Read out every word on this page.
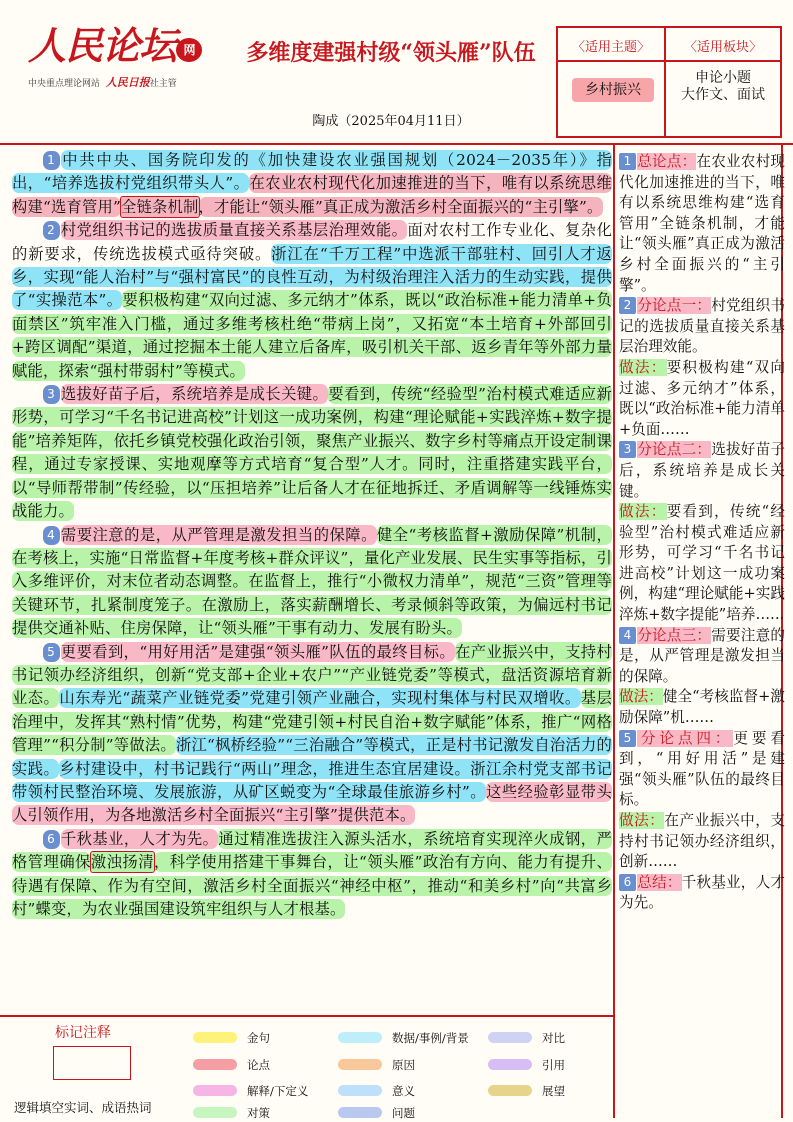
人民论坛 网
中央重点理论网站 人民日报社主管
多维度建强村级“领头雁”队伍
陶成（2025年04月11日）
〈适用主题〉	〈适用板块〉
乡村振兴
申论小题
大作文、面试

1 中共中央、国务院印发的《加快建设农业强国规划（2024－2035年）》指出，“培养选拔村党组织带头人”。在农业农村现代化加速推进的当下，唯有以系统思维构建“选育管用”全链条机制，才能让“领头雁”真正成为激活乡村全面振兴的“主引擎”。

2 村党组织书记的选拔质量直接关系基层治理效能。面对农村工作专业化、复杂化的新要求，传统选拔模式亟待突破。浙江在“千万工程”中选派干部驻村、回引人才返乡，实现“能人治村”与“强村富民”的良性互动，为村级治理注入活力的生动实践，提供了“实操范本”。要积极构建“双向过滤、多元纳才”体系，既以“政治标准+能力清单+负面禁区”筑牢准入门槛，通过多维考核杜绝“带病上岗”，又拓宽“本土培育+外部回引+跨区调配”渠道，通过挖掘本土能人建立后备库，吸引机关干部、返乡青年等外部力量赋能，探索“强村带弱村”等模式。

3 选拔好苗子后，系统培养是成长关键。要看到，传统“经验型”治村模式难适应新形势，可学习“千名书记进高校”计划这一成功案例，构建“理论赋能+实践淬炼+数字提能”培养矩阵，依托乡镇党校强化政治引领，聚焦产业振兴、数字乡村等痛点开设定制课程，通过专家授课、实地观摩等方式培育“复合型”人才。同时，注重搭建实践平台，以“导师帮带制”传经验，以“压担培养”让后备人才在征地拆迁、矛盾调解等一线锤炼实战能力。

4 需要注意的是，从严管理是激发担当的保障。健全“考核监督+激励保障”机制，在考核上，实施“日常监督+年度考核+群众评议”，量化产业发展、民生实事等指标，引入多维评价，对末位者动态调整。在监督上，推行“小微权力清单”，规范“三资”管理等关键环节，扎紧制度笼子。在激励上，落实薪酬增长、考录倾斜等政策，为偏远村书记提供交通补贴、住房保障，让“领头雁”干事有动力、发展有盼头。

5 更要看到，“用好用活”是建强“领头雁”队伍的最终目标。在产业振兴中，支持村书记领办经济组织，创新“党支部+企业+农户”“产业链党委”等模式，盘活资源培育新业态。山东寿光“蔬菜产业链党委”党建引领产业融合，实现村集体与村民双增收。基层治理中，发挥其“熟村情”优势，构建“党建引领+村民自治+数字赋能”体系，推广“网格管理”“积分制”等做法。浙江“枫桥经验”“三治融合”等模式，正是村书记激发自治活力的实践。乡村建设中，村书记践行“两山”理念，推进生态宜居建设。浙江余村党支部书记带领村民整治环境、发展旅游，从矿区蜕变为“全球最佳旅游乡村”。这些经验彰显带头人引领作用，为各地激活乡村全面振兴“主引擎”提供范本。

6 千秋基业，人才为先。通过精准选拔注入源头活水，系统培育实现淬火成钢，严格管理确保激浊扬清，科学使用搭建干事舞台，让“领头雁”政治有方向、能力有提升、待遇有保障、作为有空间，激活乡村全面振兴“神经中枢”，推动“和美乡村”向“共富乡村”蝶变，为农业强国建设筑牢组织与人才根基。

1 总论点：在农业农村现代化加速推进的当下，唯有以系统思维构建“选育管用”全链条机制，才能让“领头雁”真正成为激活乡村全面振兴的“主引擎”。

2 分论点一：村党组织书记的选拔质量直接关系基层治理效能。

做法：要积极构建“双向过滤、多元纳才”体系，既以“政治标准+能力清单+负面……

3 分论点二：选拔好苗子后，系统培养是成长关键。

做法：要看到，传统“经验型”治村模式难适应新形势，可学习“千名书记进高校”计划这一成功案例，构建“理论赋能+实践淬炼+数字提能”培养……

4 分论点三：需要注意的是，从严管理是激发担当的保障。

做法：健全“考核监督+激励保障”机……

5 分论点四：更要看到，“用好用活”是建强“领头雁”队伍的最终目标。

做法：在产业振兴中，支持村书记领办经济组织，创新……

6 总结：千秋基业，人才为先。

标记注释
逻辑填空实词、成语热词
金句	数据/事例/背景	对比
论点	原因	引用
解释/下定义	意义	展望
对策	问题
